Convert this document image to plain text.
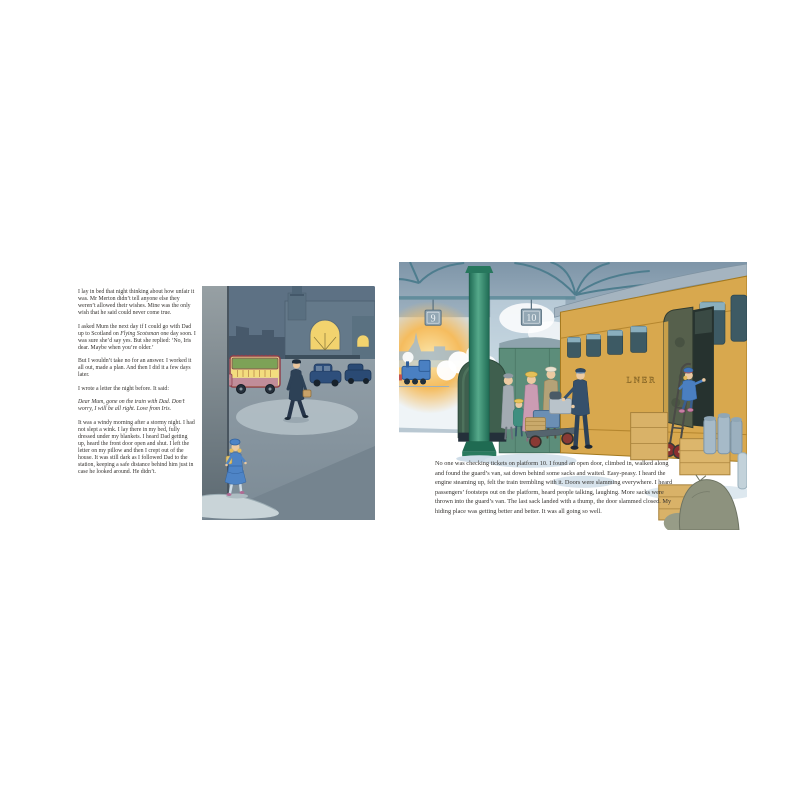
I lay in bed that night thinking about how unfair it was. Mr Merton didn’t tell anyone else they weren’t allowed their wishes. Mine was the only wish that he said could never come true.

I asked Mum the next day if I could go with Dad up to Scotland on Flying Scotsman one day soon. I was sure she’d say yes. But she replied: ‘No, Iris dear. Maybe when you’re older.’

But I wouldn’t take no for an answer. I worked it all out, made a plan. And then I did it a few days later.

I wrote a letter the night before. It said:

Dear Mum, gone on the train with Dad. Don’t worry, I will be all right. Love from Iris.

It was a windy morning after a stormy night. I had not slept a wink. I lay there in my bed, fully dressed under my blankets. I heard Dad getting up, heard the front door open and shut. I left the letter on my pillow and then I crept out of the house. It was still dark as I followed Dad to the station, keeping a safe distance behind him just in case he looked around. He didn’t.

9	10
LNER

No one was checking tickets on platform 10. I found an open door, climbed in, walked along and found the guard’s van, sat down behind some sacks and waited. Easy-peasy. I heard the engine steaming up, felt the train trembling with it. Doors were slamming everywhere. I heard passengers’ footsteps out on the platform, heard people talking, laughing. More sacks were thrown into the guard’s van. The last sack landed with a thump, the door slammed closed. My hiding place was getting better and better. It was all going so well.
